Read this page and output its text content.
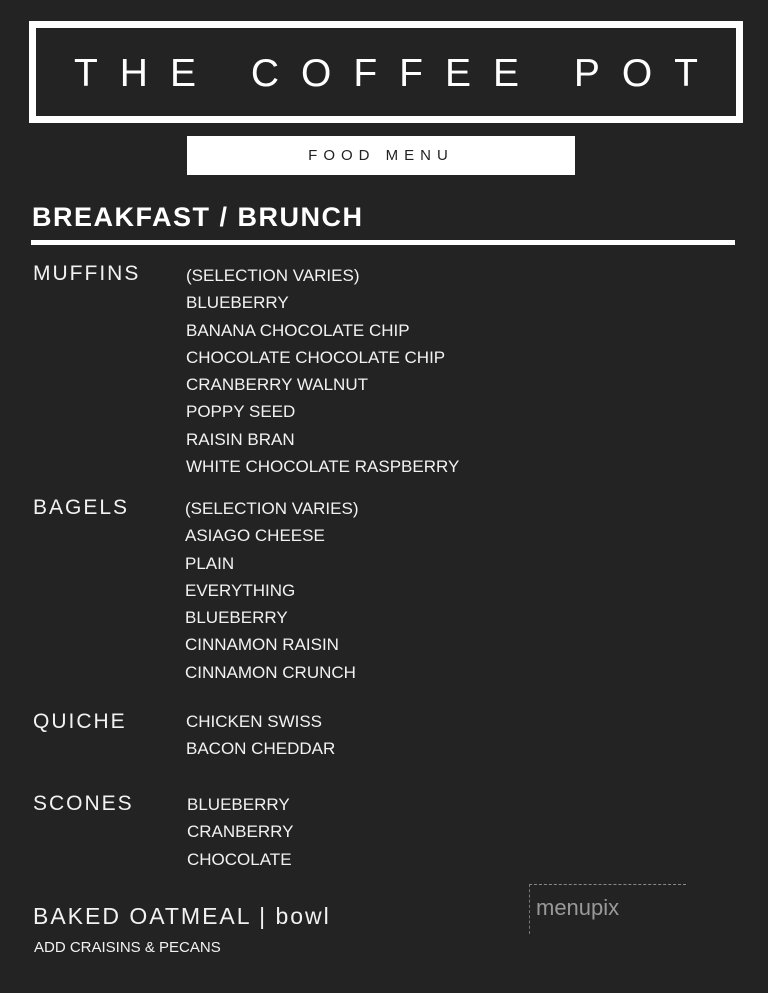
THE COFFEE POT
FOOD MENU
BREAKFAST / BRUNCH
MUFFINS	(SELECTION VARIES)
BLUEBERRY
BANANA CHOCOLATE CHIP
CHOCOLATE CHOCOLATE CHIP
CRANBERRY WALNUT
POPPY SEED
RAISIN BRAN
WHITE CHOCOLATE RASPBERRY
BAGELS	(SELECTION VARIES)
ASIAGO CHEESE
PLAIN
EVERYTHING
BLUEBERRY
CINNAMON RAISIN
CINNAMON CRUNCH
QUICHE	CHICKEN SWISS
BACON CHEDDAR
SCONES	BLUEBERRY
CRANBERRY
CHOCOLATE
BAKED OATMEAL | bowl
ADD CRAISINS & PECANS
menupix
